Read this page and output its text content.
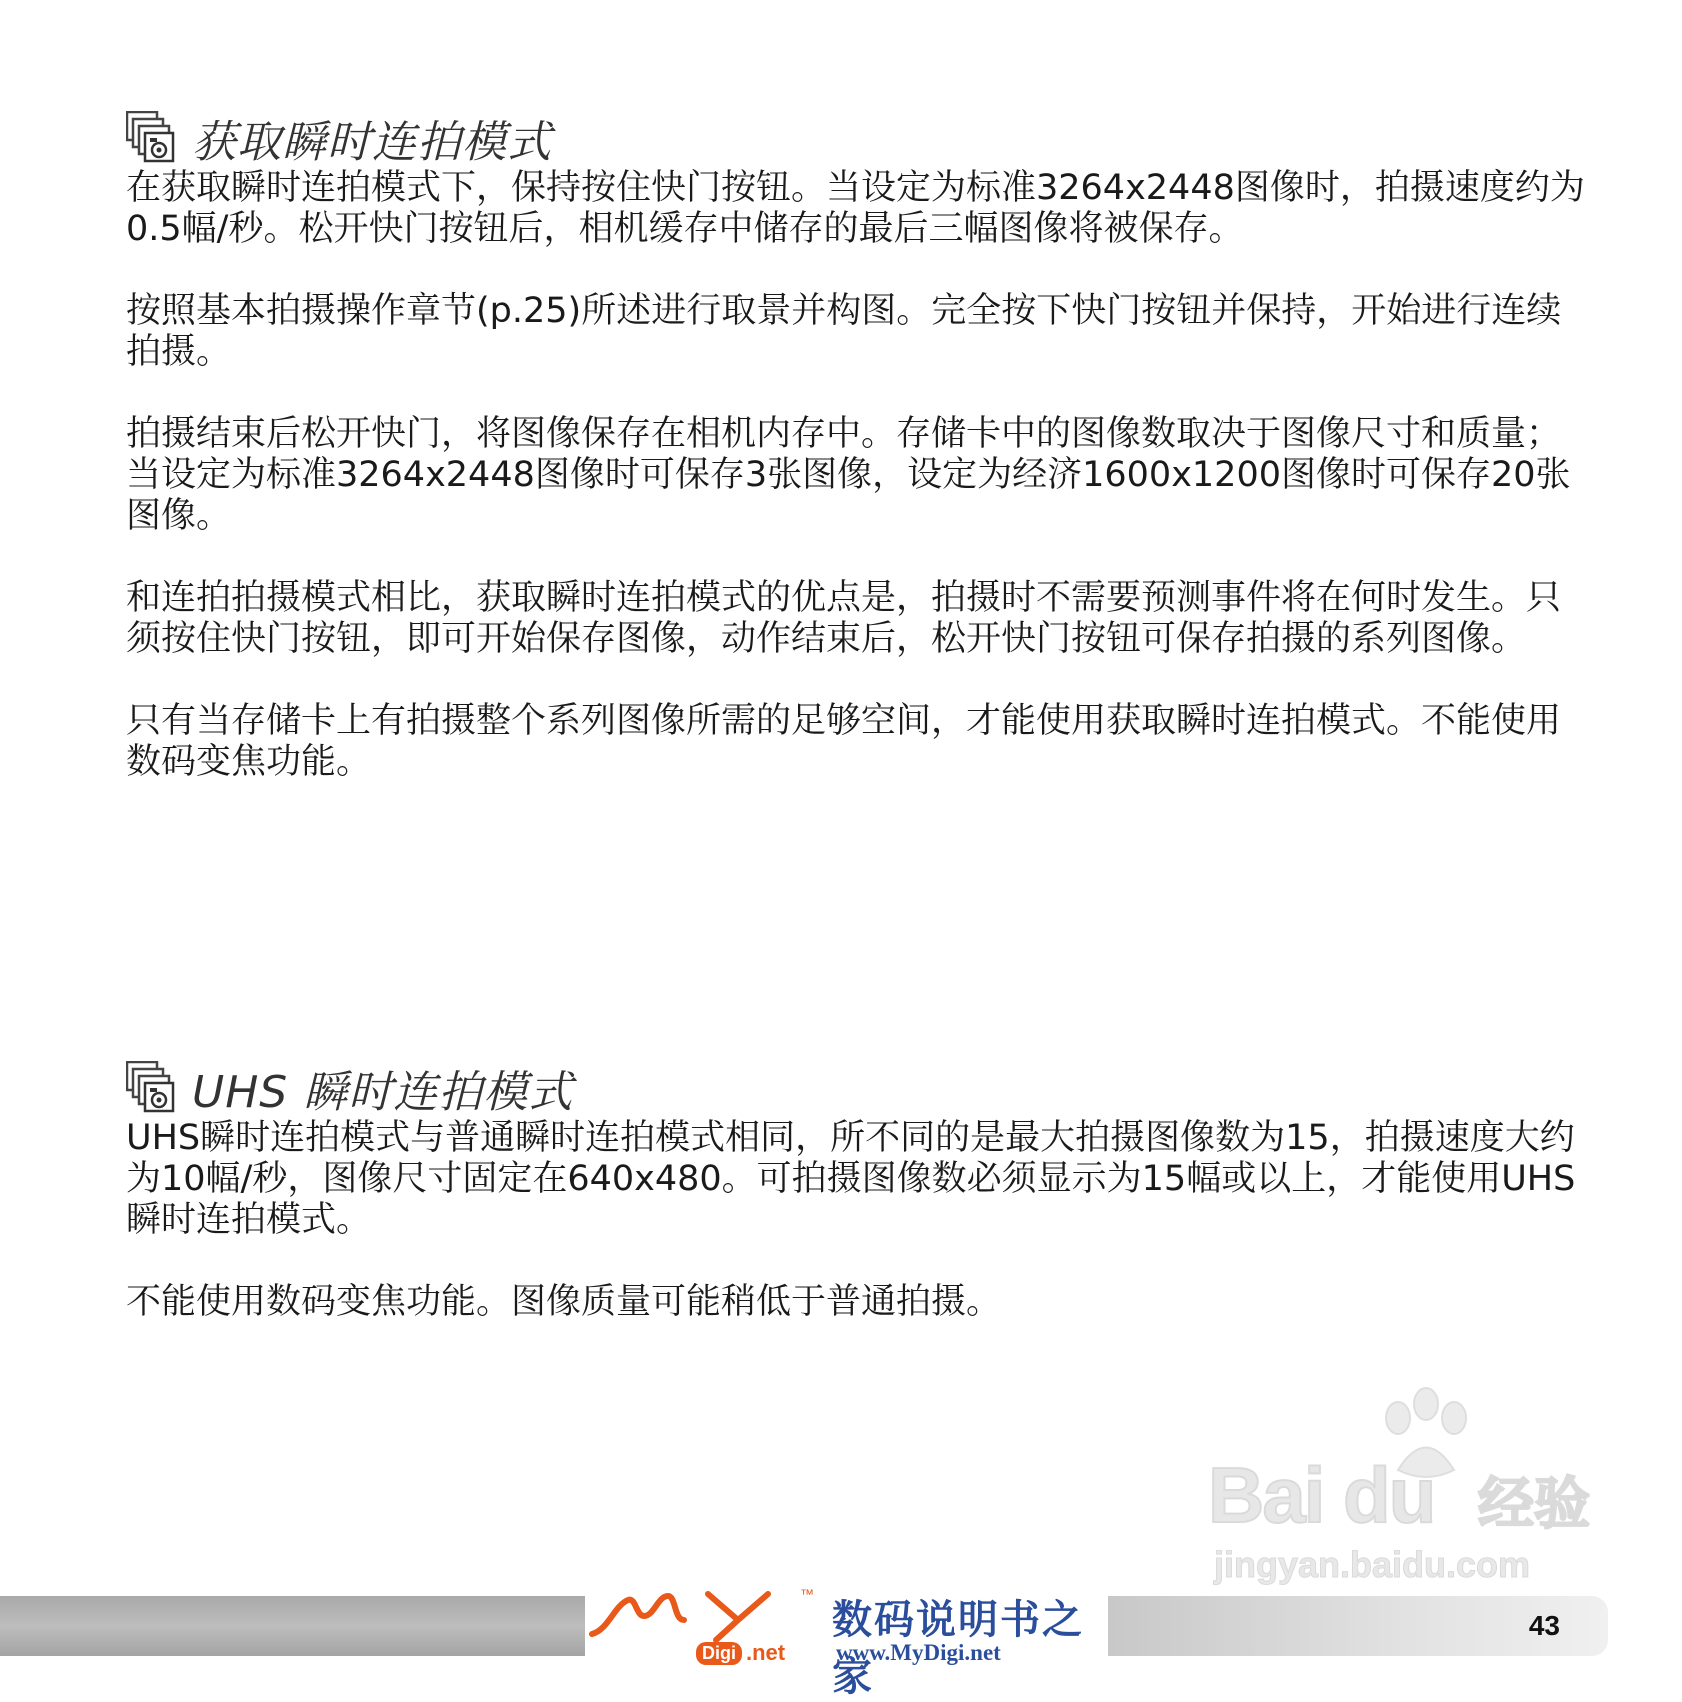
获取瞬时连拍模式

在获取瞬时连拍模式下，保持按住快门按钮。当设定为标准3264x2448图像时，拍摄速度约为0.5幅/秒。松开快门按钮后，相机缓存中储存的最后三幅图像将被保存。

按照基本拍摄操作章节(p.25)所述进行取景并构图。完全按下快门按钮并保持，开始进行连续拍摄。

拍摄结束后松开快门，将图像保存在相机内存中。存储卡中的图像数取决于图像尺寸和质量；当设定为标准3264x2448图像时可保存3张图像，设定为经济1600x1200图像时可保存20张图像。

和连拍拍摄模式相比，获取瞬时连拍模式的优点是，拍摄时不需要预测事件将在何时发生。只须按住快门按钮，即可开始保存图像，动作结束后，松开快门按钮可保存拍摄的系列图像。

只有当存储卡上有拍摄整个系列图像所需的足够空间，才能使用获取瞬时连拍模式。不能使用数码变焦功能。

UHS 瞬时连拍模式

UHS瞬时连拍模式与普通瞬时连拍模式相同，所不同的是最大拍摄图像数为15，拍摄速度大约为10幅/秒，图像尺寸固定在640x480。可拍摄图像数必须显示为15幅或以上，才能使用UHS瞬时连拍模式。

不能使用数码变焦功能。图像质量可能稍低于普通拍摄。

Bai du 经验
jingyan.baidu.com
43
™
Digi .net
数码说明书之家
www.MyDigi.net
